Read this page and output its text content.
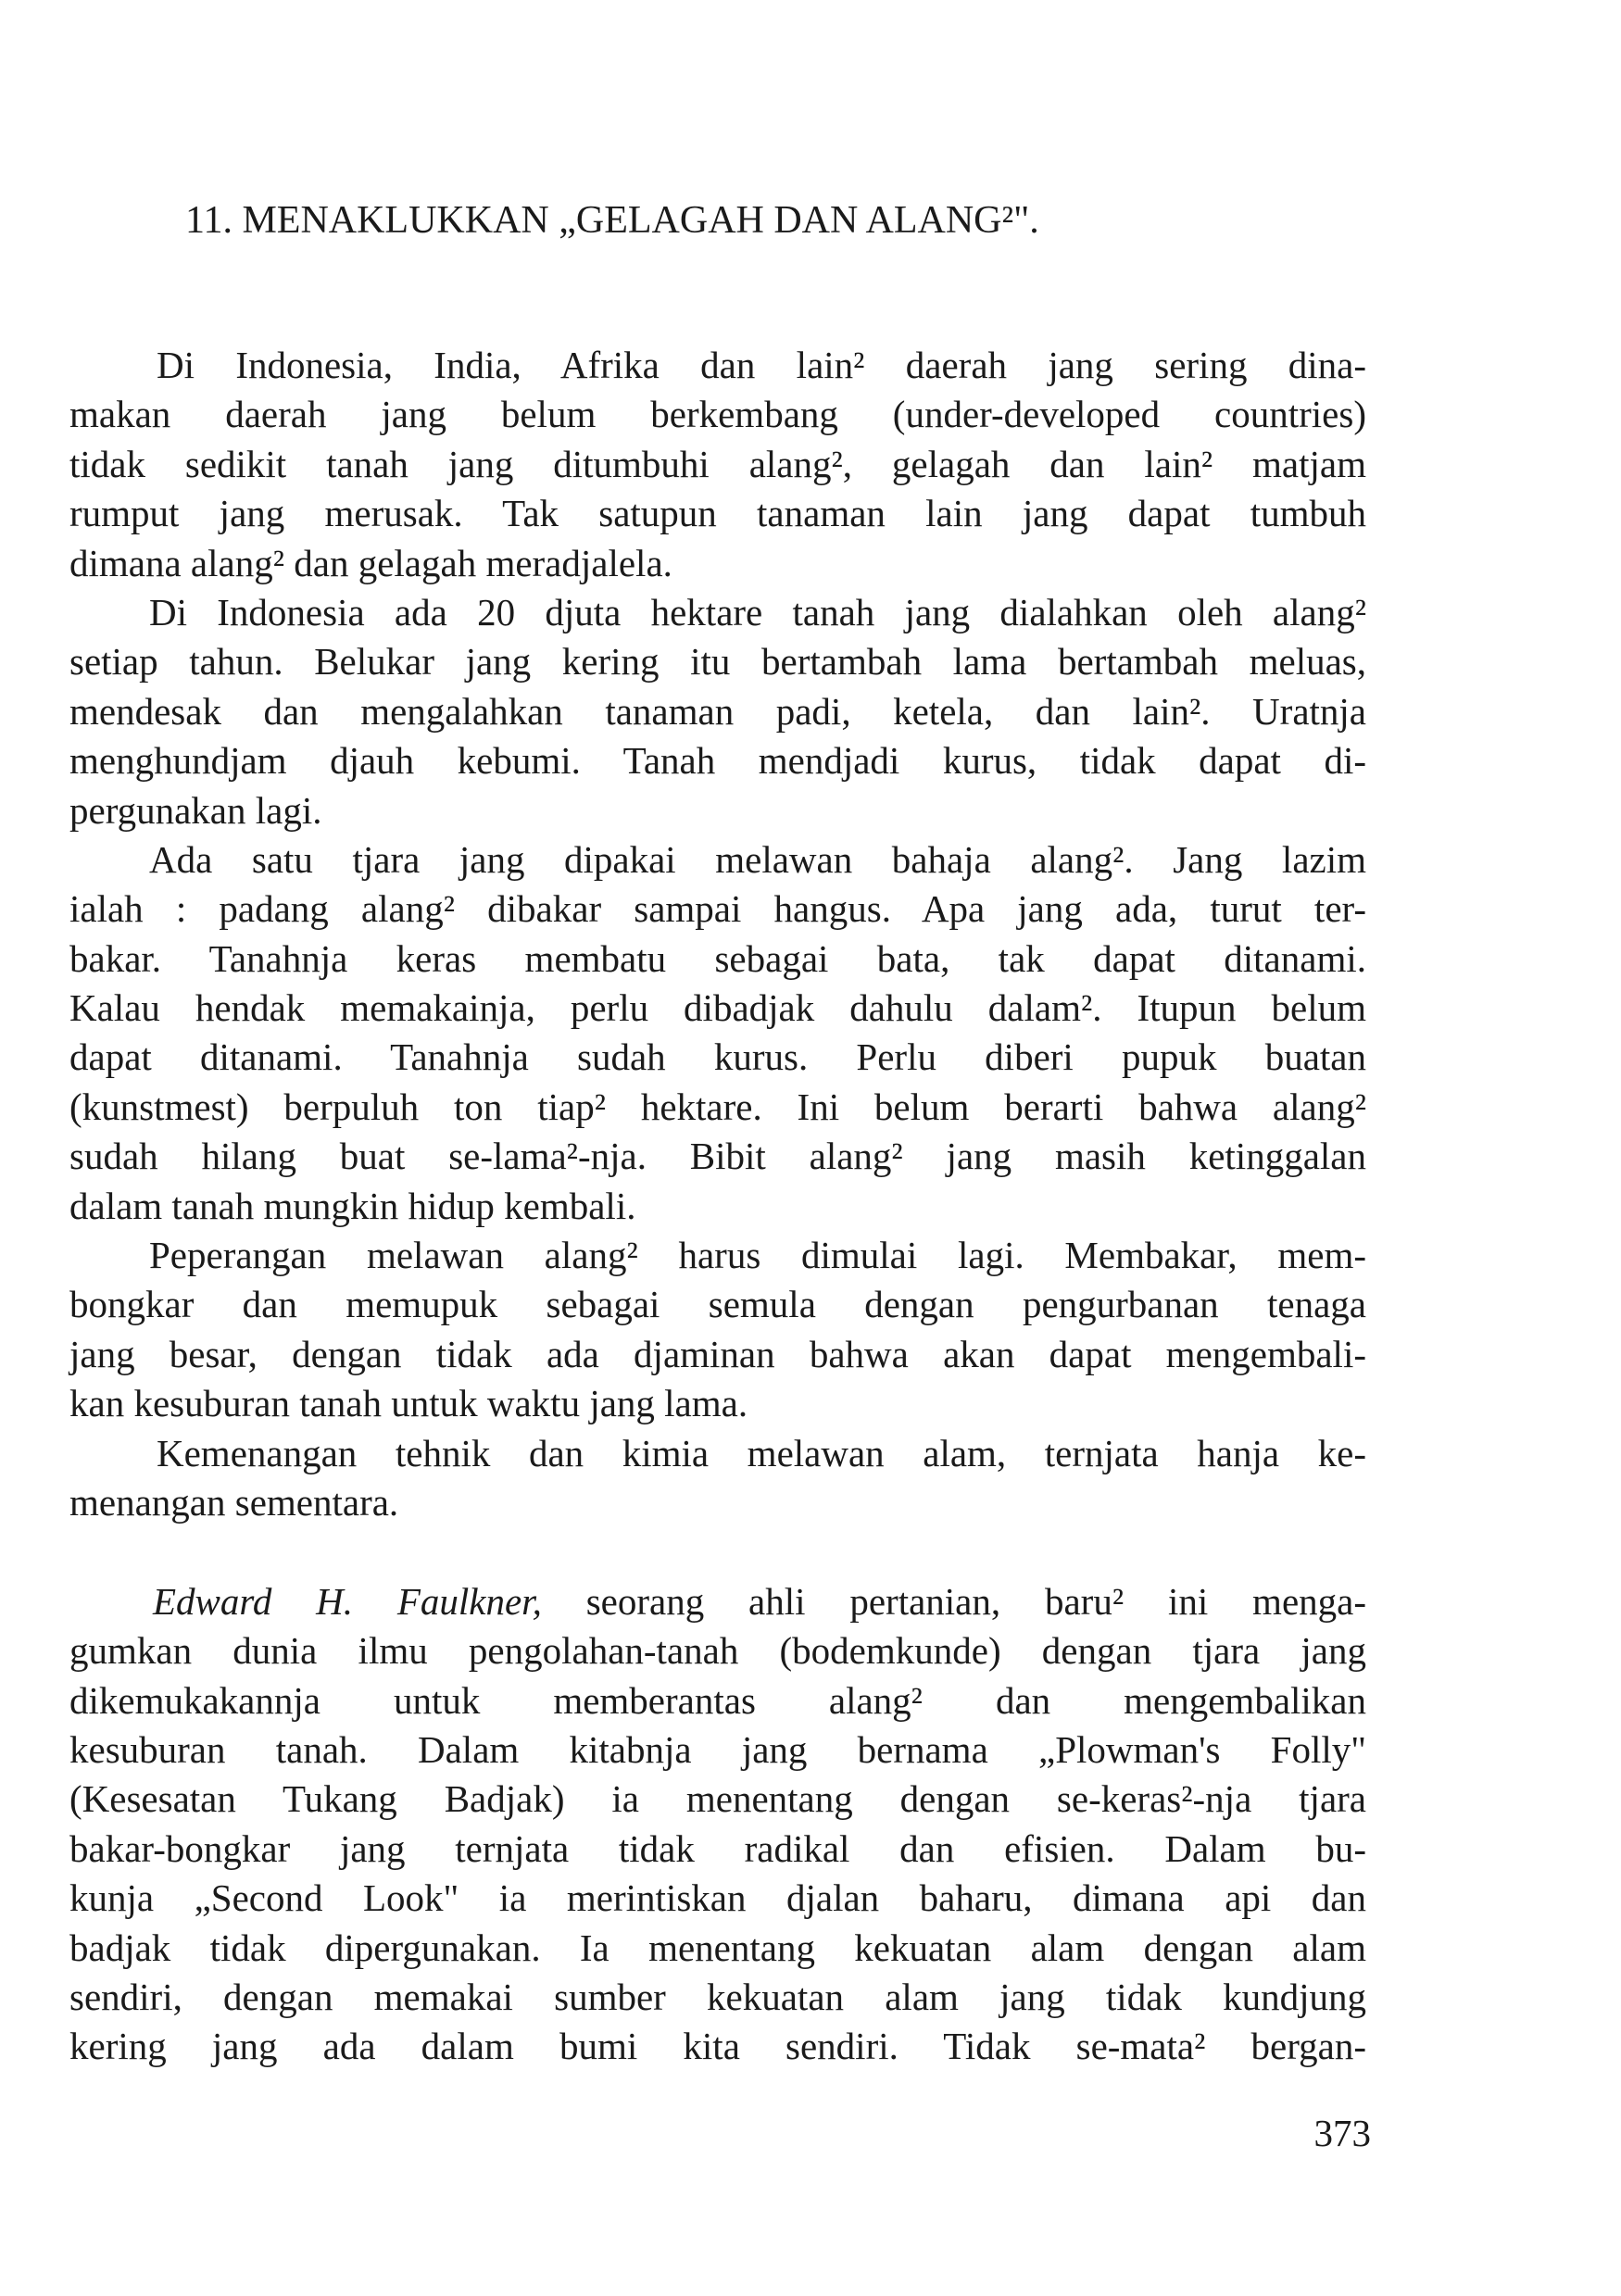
11. MENAKLUKKAN „GELAGAH DAN ALANG²".
Di Indonesia, India, Afrika dan lain² daerah jang sering dina-
makan daerah jang belum berkembang (under-developed countries)
tidak sedikit tanah jang ditumbuhi alang², gelagah dan lain² matjam
rumput jang merusak. Tak satupun tanaman lain jang dapat tumbuh
dimana alang² dan gelagah meradjalela.
Di Indonesia ada 20 djuta hektare tanah jang dialahkan oleh alang²
setiap tahun. Belukar jang kering itu bertambah lama bertambah meluas,
mendesak dan mengalahkan tanaman padi, ketela, dan lain². Uratnja
menghundjam djauh kebumi. Tanah mendjadi kurus, tidak dapat di-
pergunakan lagi.
Ada satu tjara jang dipakai melawan bahaja alang². Jang lazim
ialah : padang alang² dibakar sampai hangus. Apa jang ada, turut ter-
bakar. Tanahnja keras membatu sebagai bata, tak dapat ditanami.
Kalau hendak memakainja, perlu dibadjak dahulu dalam². Itupun belum
dapat ditanami. Tanahnja sudah kurus. Perlu diberi pupuk buatan
(kunstmest) berpuluh ton tiap² hektare. Ini belum berarti bahwa alang²
sudah hilang buat se-lama²-nja. Bibit alang² jang masih ketinggalan
dalam tanah mungkin hidup kembali.
Peperangan melawan alang² harus dimulai lagi. Membakar, mem-
bongkar dan memupuk sebagai semula dengan pengurbanan tenaga
jang besar, dengan tidak ada djaminan bahwa akan dapat mengembali-
kan kesuburan tanah untuk waktu jang lama.
Kemenangan tehnik dan kimia melawan alam, ternjata hanja ke-
menangan sementara.
Edward H. Faulkner, seorang ahli pertanian, baru² ini menga-
gumkan dunia ilmu pengolahan-tanah (bodemkunde) dengan tjara jang
dikemukakannja untuk memberantas alang² dan mengembalikan
kesuburan tanah. Dalam kitabnja jang bernama „Plowman's Folly"
(Kesesatan Tukang Badjak) ia menentang dengan se-keras²-nja tjara
bakar-bongkar jang ternjata tidak radikal dan efisien. Dalam bu-
kunja „Second Look" ia merintiskan djalan baharu, dimana api dan
badjak tidak dipergunakan. Ia menentang kekuatan alam dengan alam
sendiri, dengan memakai sumber kekuatan alam jang tidak kundjung
kering jang ada dalam bumi kita sendiri. Tidak se-mata² bergan-
373
